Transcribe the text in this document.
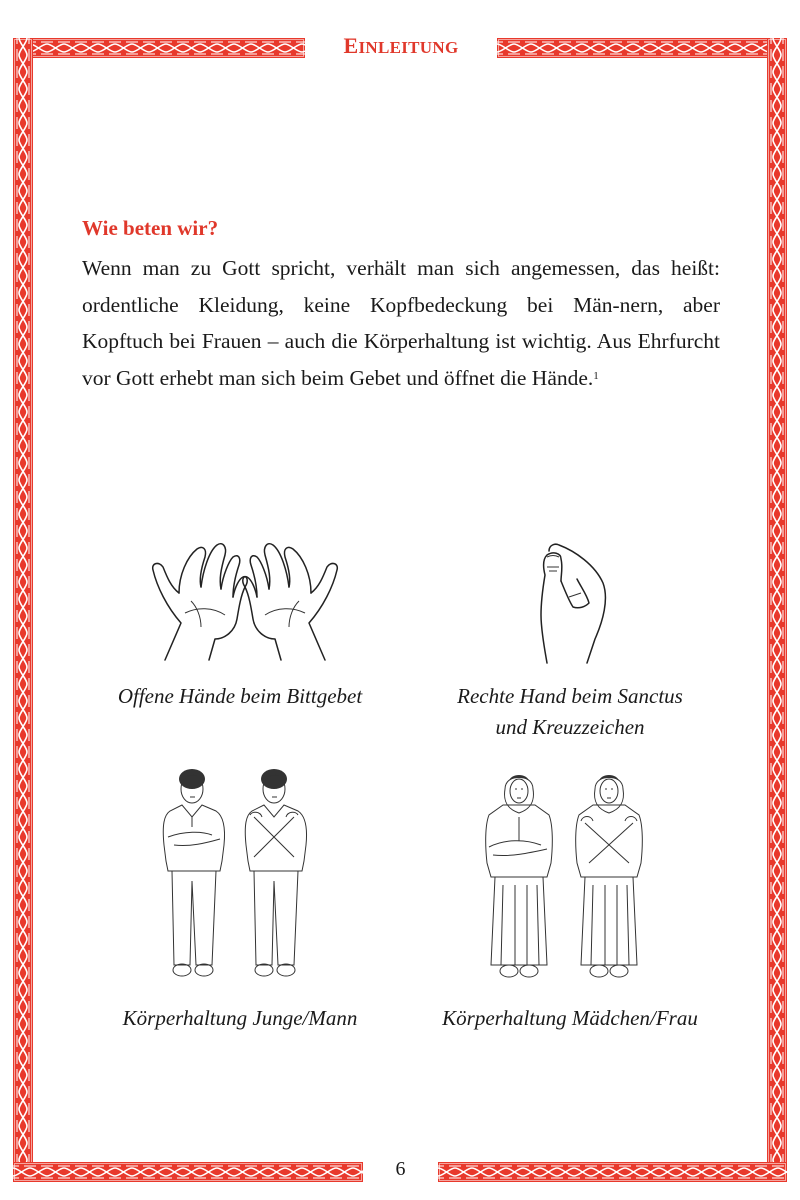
EINLEITUNG
Wie beten wir?
Wenn man zu Gott spricht, verhält man sich angemessen, das heißt: ordentliche Kleidung, keine Kopfbedeckung bei Män-​nern, aber Kopftuch bei Frauen – auch die Körperhaltung ist wichtig. Aus Ehrfurcht vor Gott erhebt man sich beim Gebet und öffnet die Hände.$^1$
Offene Hände beim Bittgebet	Rechte Hand beim Sanctus
und Kreuzzeichen
Körperhaltung Junge/Mann	Körperhaltung Mädchen/Frau
6
